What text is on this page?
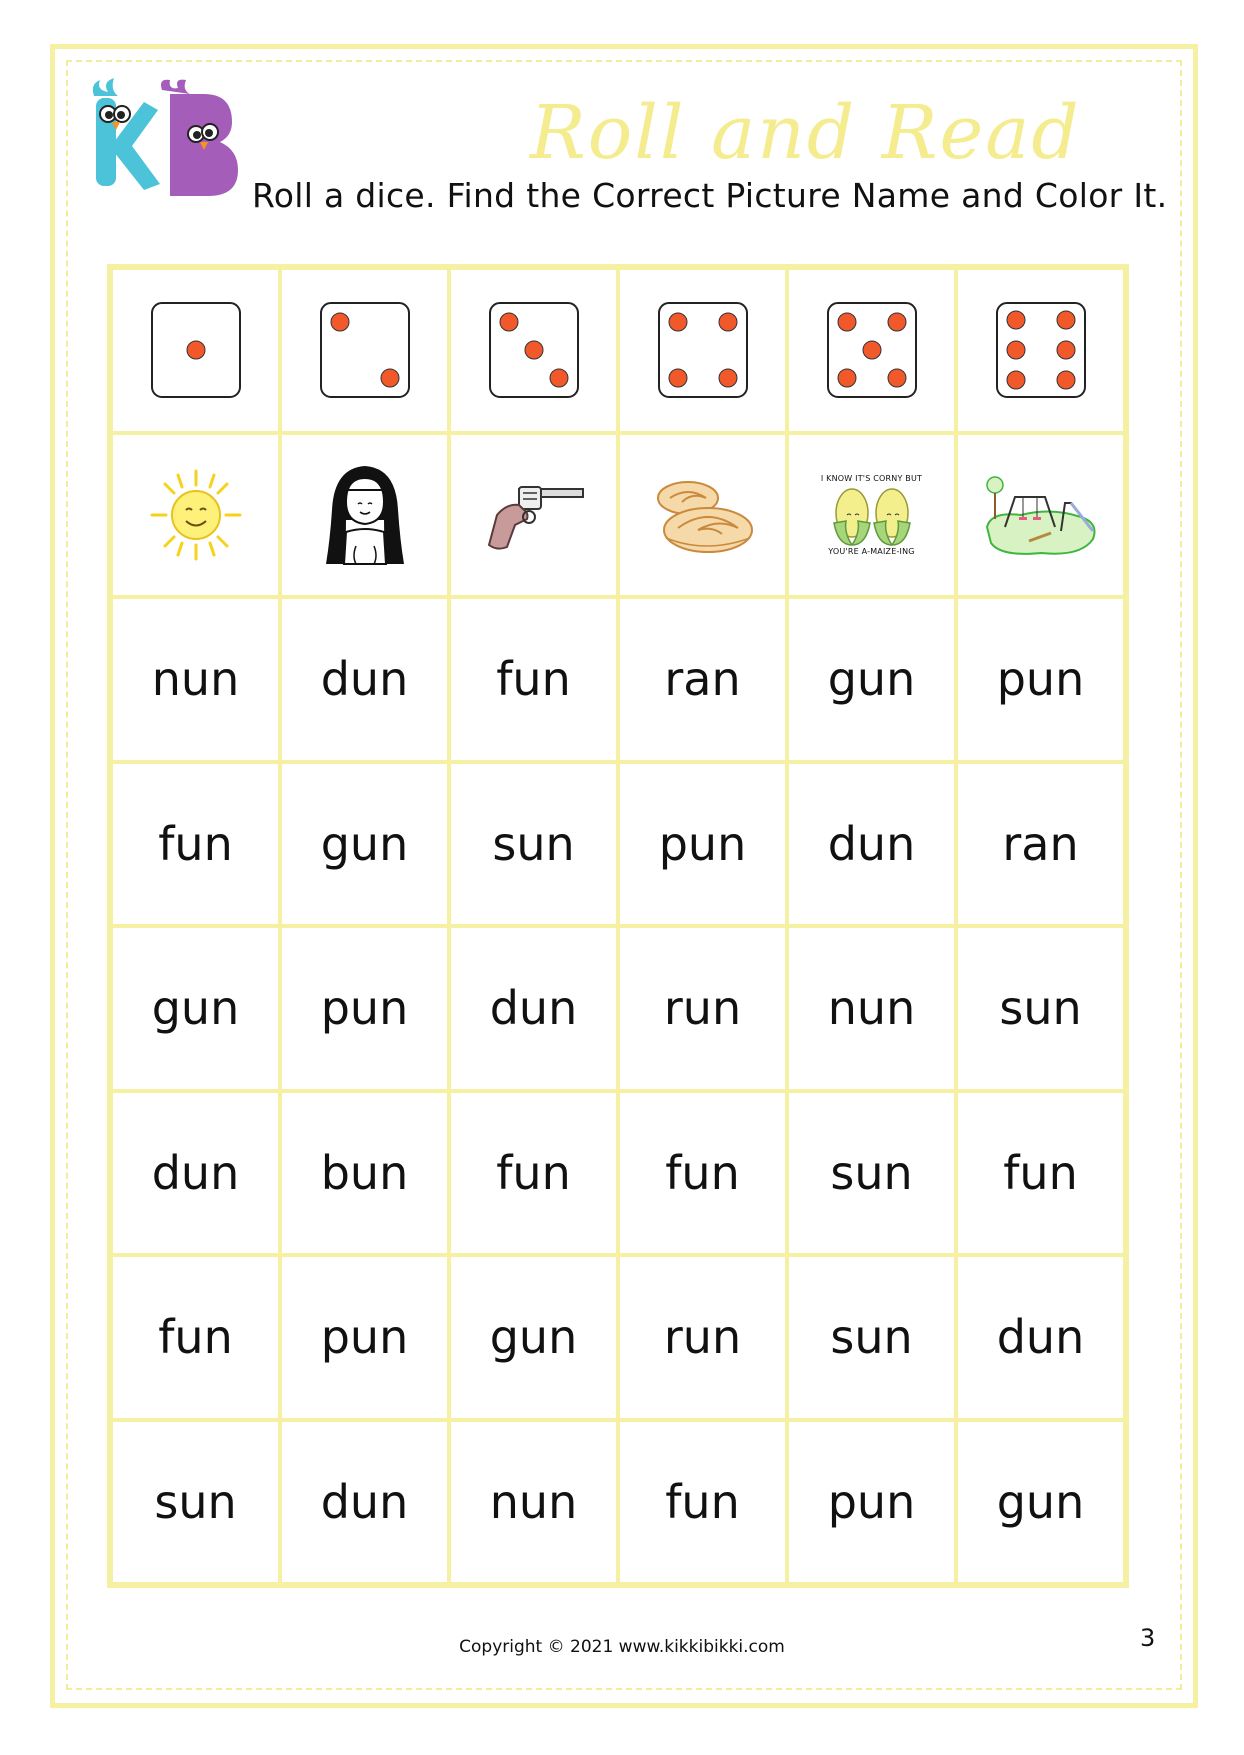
Roll and Read
Roll a dice. Find the Correct Picture Name and Color It.
I KNOW IT'S CORNY BUT
YOU'RE A-MAIZE-ING
nun dun fun ran gun pun
fun gun sun pun dun ran
gun pun dun run nun sun
dun bun fun fun sun fun
fun pun gun run sun dun
sun dun nun fun pun gun
Copyright © 2021 www.kikkibikki.com	3
